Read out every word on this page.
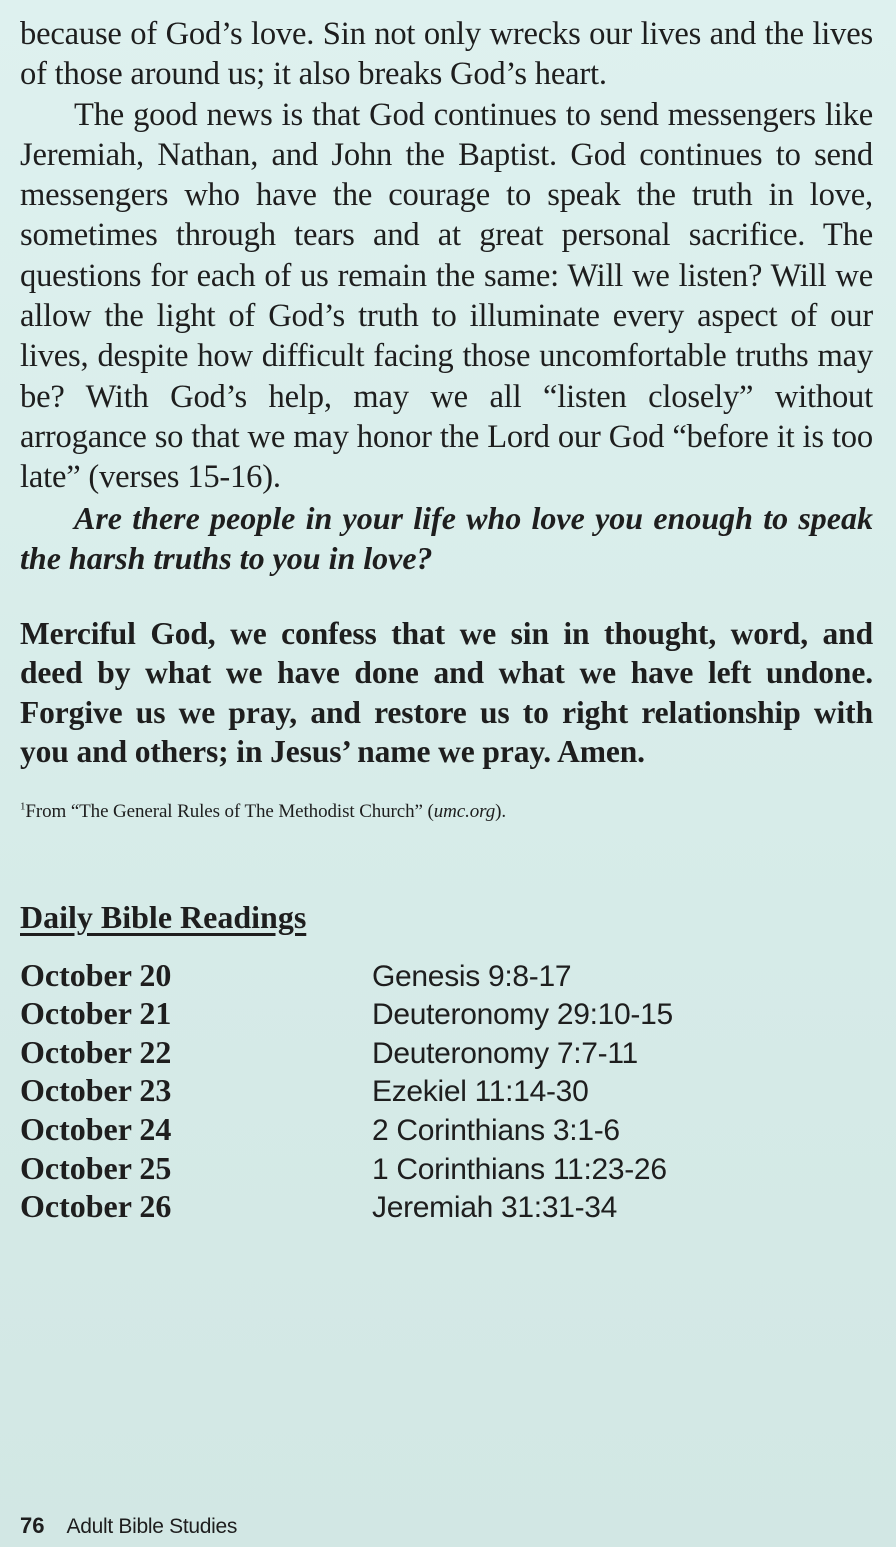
because of God’s love. Sin not only wrecks our lives and the lives of those around us; it also breaks God’s heart.

The good news is that God continues to send messengers like Jeremiah, Nathan, and John the Baptist. God continues to send messengers who have the courage to speak the truth in love, sometimes through tears and at great personal sacrifice. The questions for each of us remain the same: Will we listen? Will we allow the light of God’s truth to illuminate every aspect of our lives, despite how difficult facing those uncomfortable truths may be? With God’s help, may we all “listen closely” without arrogance so that we may honor the Lord our God “before it is too late” (verses 15-16).

Are there people in your life who love you enough to speak the harsh truths to you in love?

Merciful God, we confess that we sin in thought, word, and deed by what we have done and what we have left undone. Forgive us we pray, and restore us to right relationship with you and others; in Jesus’ name we pray. Amen.

$^1$From “The General Rules of The Methodist Church” (umc.org).

Daily Bible Readings
October 20	Genesis 9:8-17
October 21	Deuteronomy 29:10-15
October 22	Deuteronomy 7:7-11
October 23	Ezekiel 11:14-30
October 24	2 Corinthians 3:1-6
October 25	1 Corinthians 11:23-26
October 26	Jeremiah 31:31-34
76 Adult Bible Studies
